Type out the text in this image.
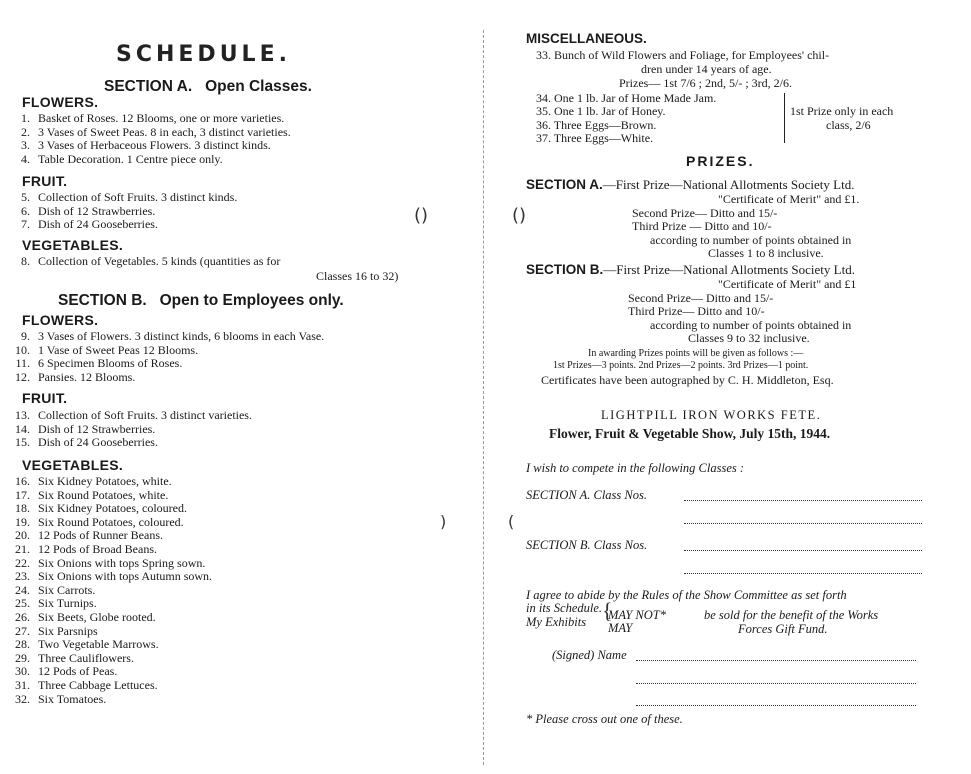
SCHEDULE.
SECTION A. Open Classes.
FLOWERS.
1. Basket of Roses. 12 Blooms, one or more varieties.
2. 3 Vases of Sweet Peas. 8 in each, 3 distinct varieties.
3. 3 Vases of Herbaceous Flowers. 3 distinct kinds.
4. Table Decoration. 1 Centre piece only.
FRUIT.
5. Collection of Soft Fruits. 3 distinct kinds.
6. Dish of 12 Strawberries.
7. Dish of 24 Gooseberries.
VEGETABLES.
8. Collection of Vegetables. 5 kinds (quantities as for
Classes 16 to 32)
SECTION B. Open to Employees only.
FLOWERS.
9. 3 Vases of Flowers. 3 distinct kinds, 6 blooms in each Vase.
10. 1 Vase of Sweet Peas 12 Blooms.
11. 6 Specimen Blooms of Roses.
12. Pansies. 12 Blooms.
FRUIT.
13. Collection of Soft Fruits. 3 distinct varieties.
14. Dish of 12 Strawberries.
15. Dish of 24 Gooseberries.
VEGETABLES.
16. Six Kidney Potatoes, white.
17. Six Round Potatoes, white.
18. Six Kidney Potatoes, coloured.
19. Six Round Potatoes, coloured.
20. 12 Pods of Runner Beans.
21. 12 Pods of Broad Beans.
22. Six Onions with tops Spring sown.
23. Six Onions with tops Autumn sown.
24. Six Carrots.
25. Six Turnips.
26. Six Beets, Globe rooted.
27. Six Parsnips
28. Two Vegetable Marrows.
29. Three Cauliflowers.
30. 12 Pods of Peas.
31. Three Cabbage Lettuces.
32. Six Tomatoes.
()
)
MISCELLANEOUS.
33. Bunch of Wild Flowers and Foliage, for Employees' chil-
dren under 14 years of age.
Prizes— 1st 7/6 ; 2nd, 5/- ; 3rd, 2/6.
34. One 1 lb. Jar of Home Made Jam.
35. One 1 lb. Jar of Honey.
36. Three Eggs—Brown.
37. Three Eggs—White.
1st Prize only in each
class, 2/6
PRIZES.
SECTION A.—First Prize—National Allotments Society Ltd.
"Certificate of Merit" and £1.
Second Prize— Ditto and 15/-
Third Prize — Ditto and 10/-
according to number of points obtained in
Classes 1 to 8 inclusive.
SECTION B.—First Prize—National Allotments Society Ltd.
"Certificate of Merit" and £1
Second Prize— Ditto and 15/-
Third Prize— Ditto and 10/-
according to number of points obtained in
Classes 9 to 32 inclusive.
In awarding Prizes points will be given as follows :—
1st Prizes—3 points. 2nd Prizes—2 points. 3rd Prizes—1 point.
Certificates have been autographed by C. H. Middleton, Esq.
LIGHTPILL IRON WORKS FETE.
Flower, Fruit & Vegetable Show, July 15th, 1944.
I wish to compete in the following Classes :
SECTION A. Class Nos.
SECTION B. Class Nos.
I agree to abide by the Rules of the Show Committee as set forth
in its Schedule.
My Exhibits {
MAY NOT*
MAY
be sold for the benefit of the Works
Forces Gift Fund.
(Signed) Name
* Please cross out one of these.
()
(
